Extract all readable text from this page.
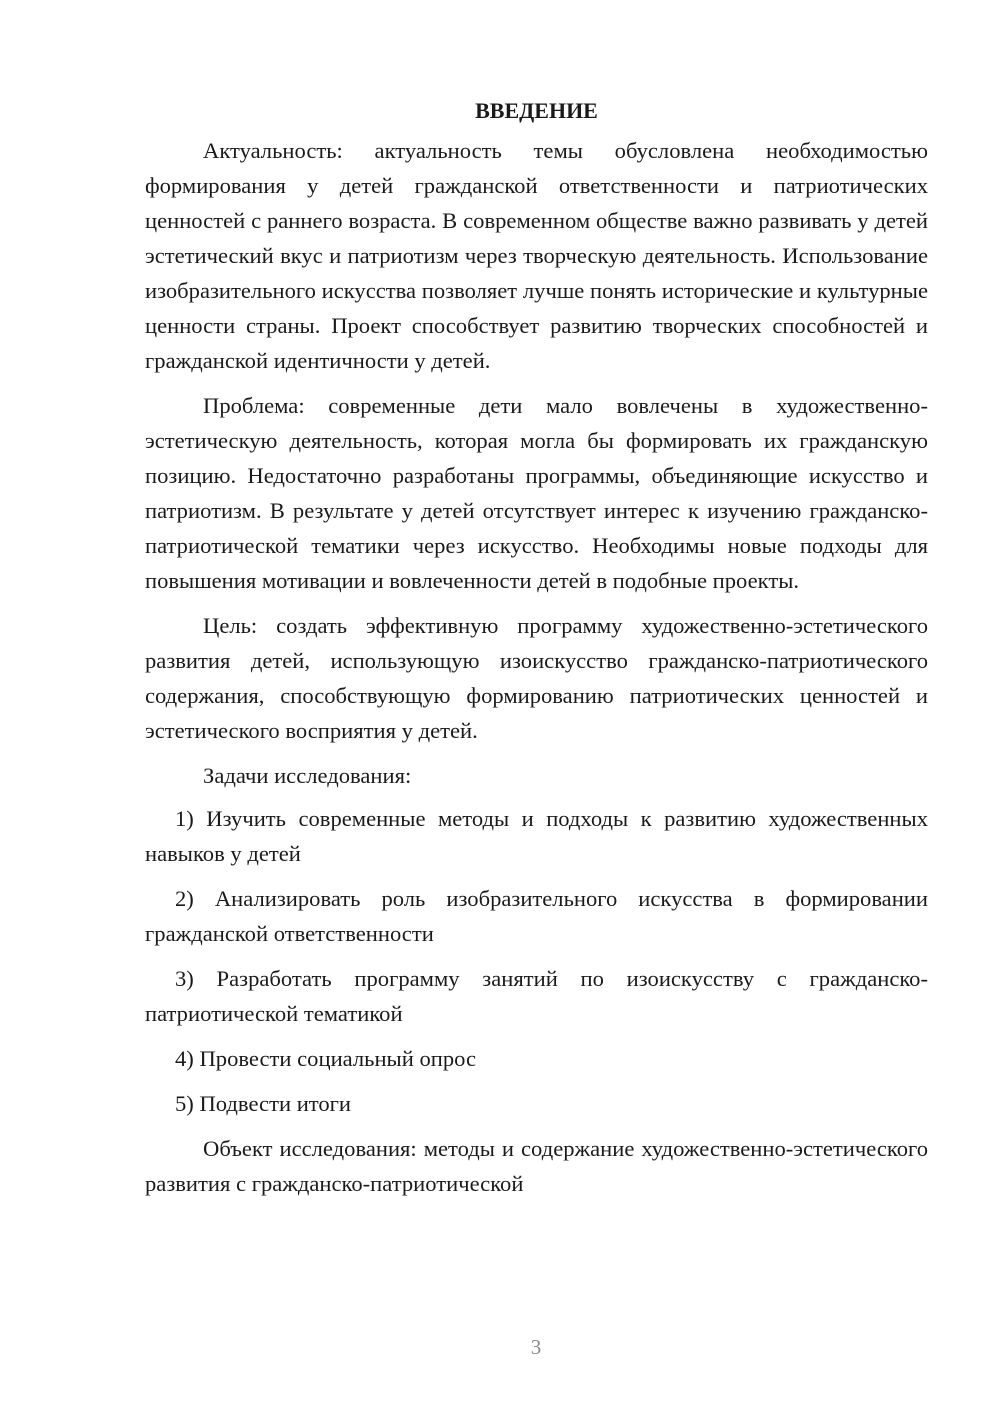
ВВЕДЕНИЕ

Актуальность: актуальность темы обусловлена необходимостью формирования у детей гражданской ответственности и патриотических ценностей с раннего возраста. В современном обществе важно развивать у детей эстетический вкус и патриотизм через творческую деятельность. Использование изобразительного искусства позволяет лучше понять исторические и культурные ценности страны. Проект способствует развитию творческих способностей и гражданской идентичности у детей.

Проблема: современные дети мало вовлечены в художественно-эстетическую деятельность, которая могла бы формировать их гражданскую позицию. Недостаточно разработаны программы, объединяющие искусство и патриотизм. В результате у детей отсутствует интерес к изучению гражданско-патриотической тематики через искусство. Необходимы новые подходы для повышения мотивации и вовлеченности детей в подобные проекты.

Цель: создать эффективную программу художественно-эстетического развития детей, использующую изоискусство гражданско-патриотического содержания, способствующую формированию патриотических ценностей и эстетического восприятия у детей.

Задачи исследования:

1) Изучить современные методы и подходы к развитию художественных навыков у детей

2) Анализировать роль изобразительного искусства в формировании гражданской ответственности

3) Разработать программу занятий по изоискусству с гражданско-патриотической тематикой

4) Провести социальный опрос

5) Подвести итоги

Объект исследования: методы и содержание художественно-эстетического развития с гражданско-патриотической

3
